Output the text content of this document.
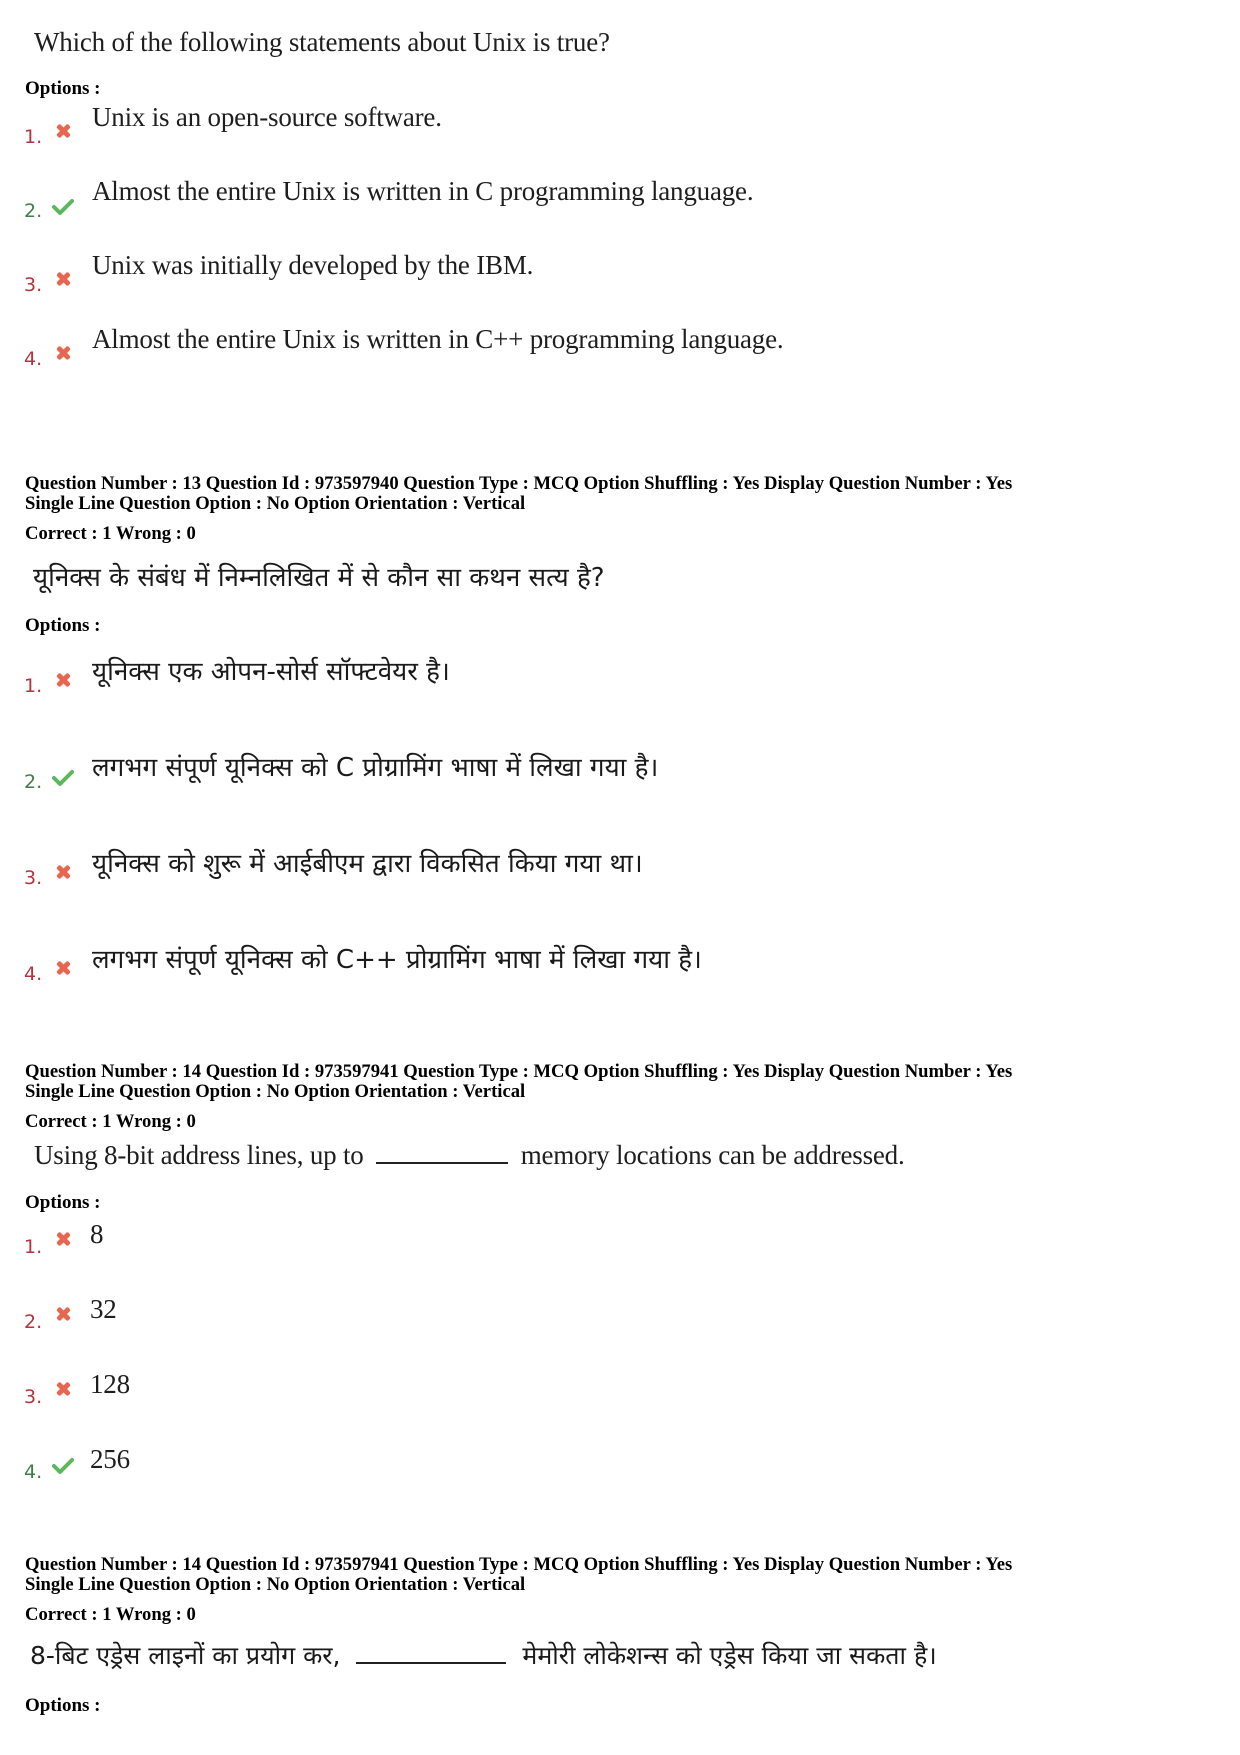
Which of the following statements about Unix is true?
Options :
1.
Unix is an open-source software.
2.
Almost the entire Unix is written in C programming language.
3.
Unix was initially developed by the IBM.
4.
Almost the entire Unix is written in C++ programming language.
Question Number : 13 Question Id : 973597940 Question Type : MCQ Option Shuffling : Yes Display Question Number : Yes
Single Line Question Option : No Option Orientation : Vertical
Correct : 1 Wrong : 0
यूनिक्स के संबंध में निम्नलिखित में से कौन सा कथन सत्य है?
Options :
1. यूनिक्स एक ओपन-सोर्स सॉफ्टवेयर है।
2. लगभग संपूर्ण यूनिक्स को C प्रोग्रामिंग भाषा में लिखा गया है।
3. यूनिक्स को शुरू में आईबीएम द्वारा विकसित किया गया था।
4. लगभग संपूर्ण यूनिक्स को C++ प्रोग्रामिंग भाषा में लिखा गया है।
Question Number : 14 Question Id : 973597941 Question Type : MCQ Option Shuffling : Yes Display Question Number : Yes
Single Line Question Option : No Option Orientation : Vertical
Correct : 1 Wrong : 0
Using 8-bit address lines, up to	memory locations can be addressed.
Options :
1. 8
2. 32
3. 128
4. 256
Question Number : 14 Question Id : 973597941 Question Type : MCQ Option Shuffling : Yes Display Question Number : Yes
Single Line Question Option : No Option Orientation : Vertical
Correct : 1 Wrong : 0
8-बिट एड्रेस लाइनों का प्रयोग कर,	मेमोरी लोकेशन्स को एड्रेस किया जा सकता है।
Options :
